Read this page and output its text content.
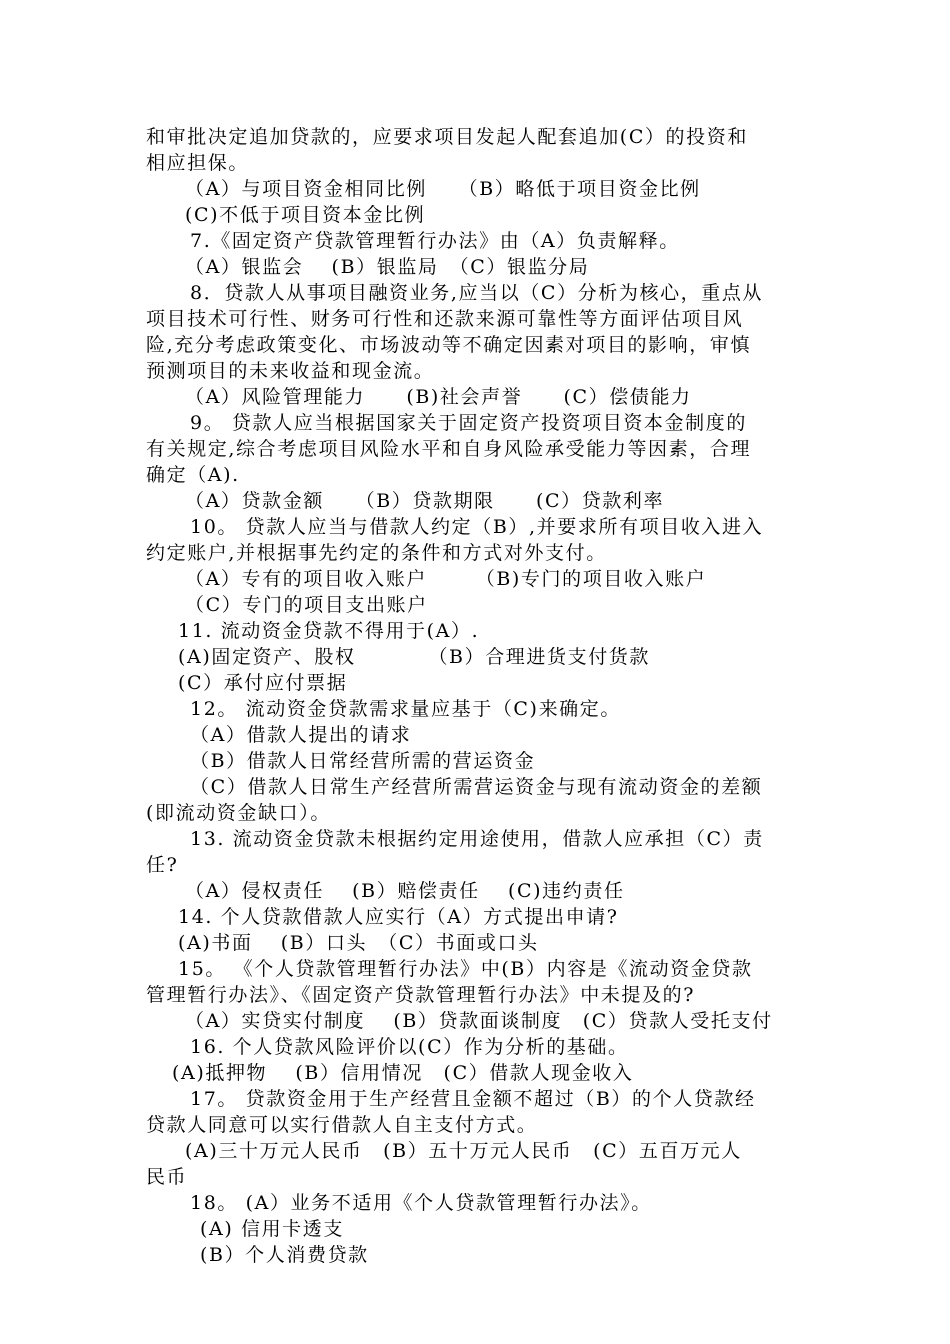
和审批决定追加贷款的，应要求项目发起人配套追加(C）的投资和
相应担保。
（A）与项目资金相同比例　　（B）略低于项目资金比例
(C)不低于项目资本金比例
7.《固定资产贷款管理暂行办法》由（A）负责解释。
（A）银监会　 (B）银监局　（C）银监分局
8．贷款人从事项目融资业务,应当以（C）分析为核心，重点从
项目技术可行性、财务可行性和还款来源可靠性等方面评估项目风
险,充分考虑政策变化、市场波动等不确定因素对项目的影响，审慎
预测项目的未来收益和现金流。
（A）风险管理能力　　(B)社会声誉　　(C）偿债能力
9。 贷款人应当根据国家关于固定资产投资项目资本金制度的
有关规定,综合考虑项目风险水平和自身风险承受能力等因素，合理
确定（A).
（A）贷款金额　　（B）贷款期限　　(C）贷款利率
10。 贷款人应当与借款人约定（B）,并要求所有项目收入进入
约定账户,并根据事先约定的条件和方式对外支付。
（A）专有的项目收入账户　　 （B)专门的项目收入账户
（C）专门的项目支出账户
11. 流动资金贷款不得用于(A）.
(A)固定资产、股权　　　　（B）合理进货支付货款
(C）承付应付票据
12。 流动资金贷款需求量应基于（C)来确定。
（A）借款人提出的请求
（B）借款人日常经营所需的营运资金
（C）借款人日常生产经营所需营运资金与现有流动资金的差额
(即流动资金缺口）。
13. 流动资金贷款未根据约定用途使用，借款人应承担（C）责
任?
（A）侵权责任　 (B）赔偿责任　 (C)违约责任
14. 个人贷款借款人应实行（A）方式提出申请?
(A)书面　 (B）口头　（C）书面或口头
15。 《个人贷款管理暂行办法》中(B）内容是《流动资金贷款
管理暂行办法》、《固定资产贷款管理暂行办法》中未提及的?
（A）实贷实付制度　 (B）贷款面谈制度　(C）贷款人受托支付
16. 个人贷款风险评价以(C）作为分析的基础。
(A)抵押物　 (B）信用情况　(C）借款人现金收入
17。 贷款资金用于生产经营且金额不超过（B）的个人贷款经
贷款人同意可以实行借款人自主支付方式。
(A)三十万元人民币　(B）五十万元人民币　(C）五百万元人
民币
18。 (A）业务不适用《个人贷款管理暂行办法》。
(A) 信用卡透支
(B）个人消费贷款
